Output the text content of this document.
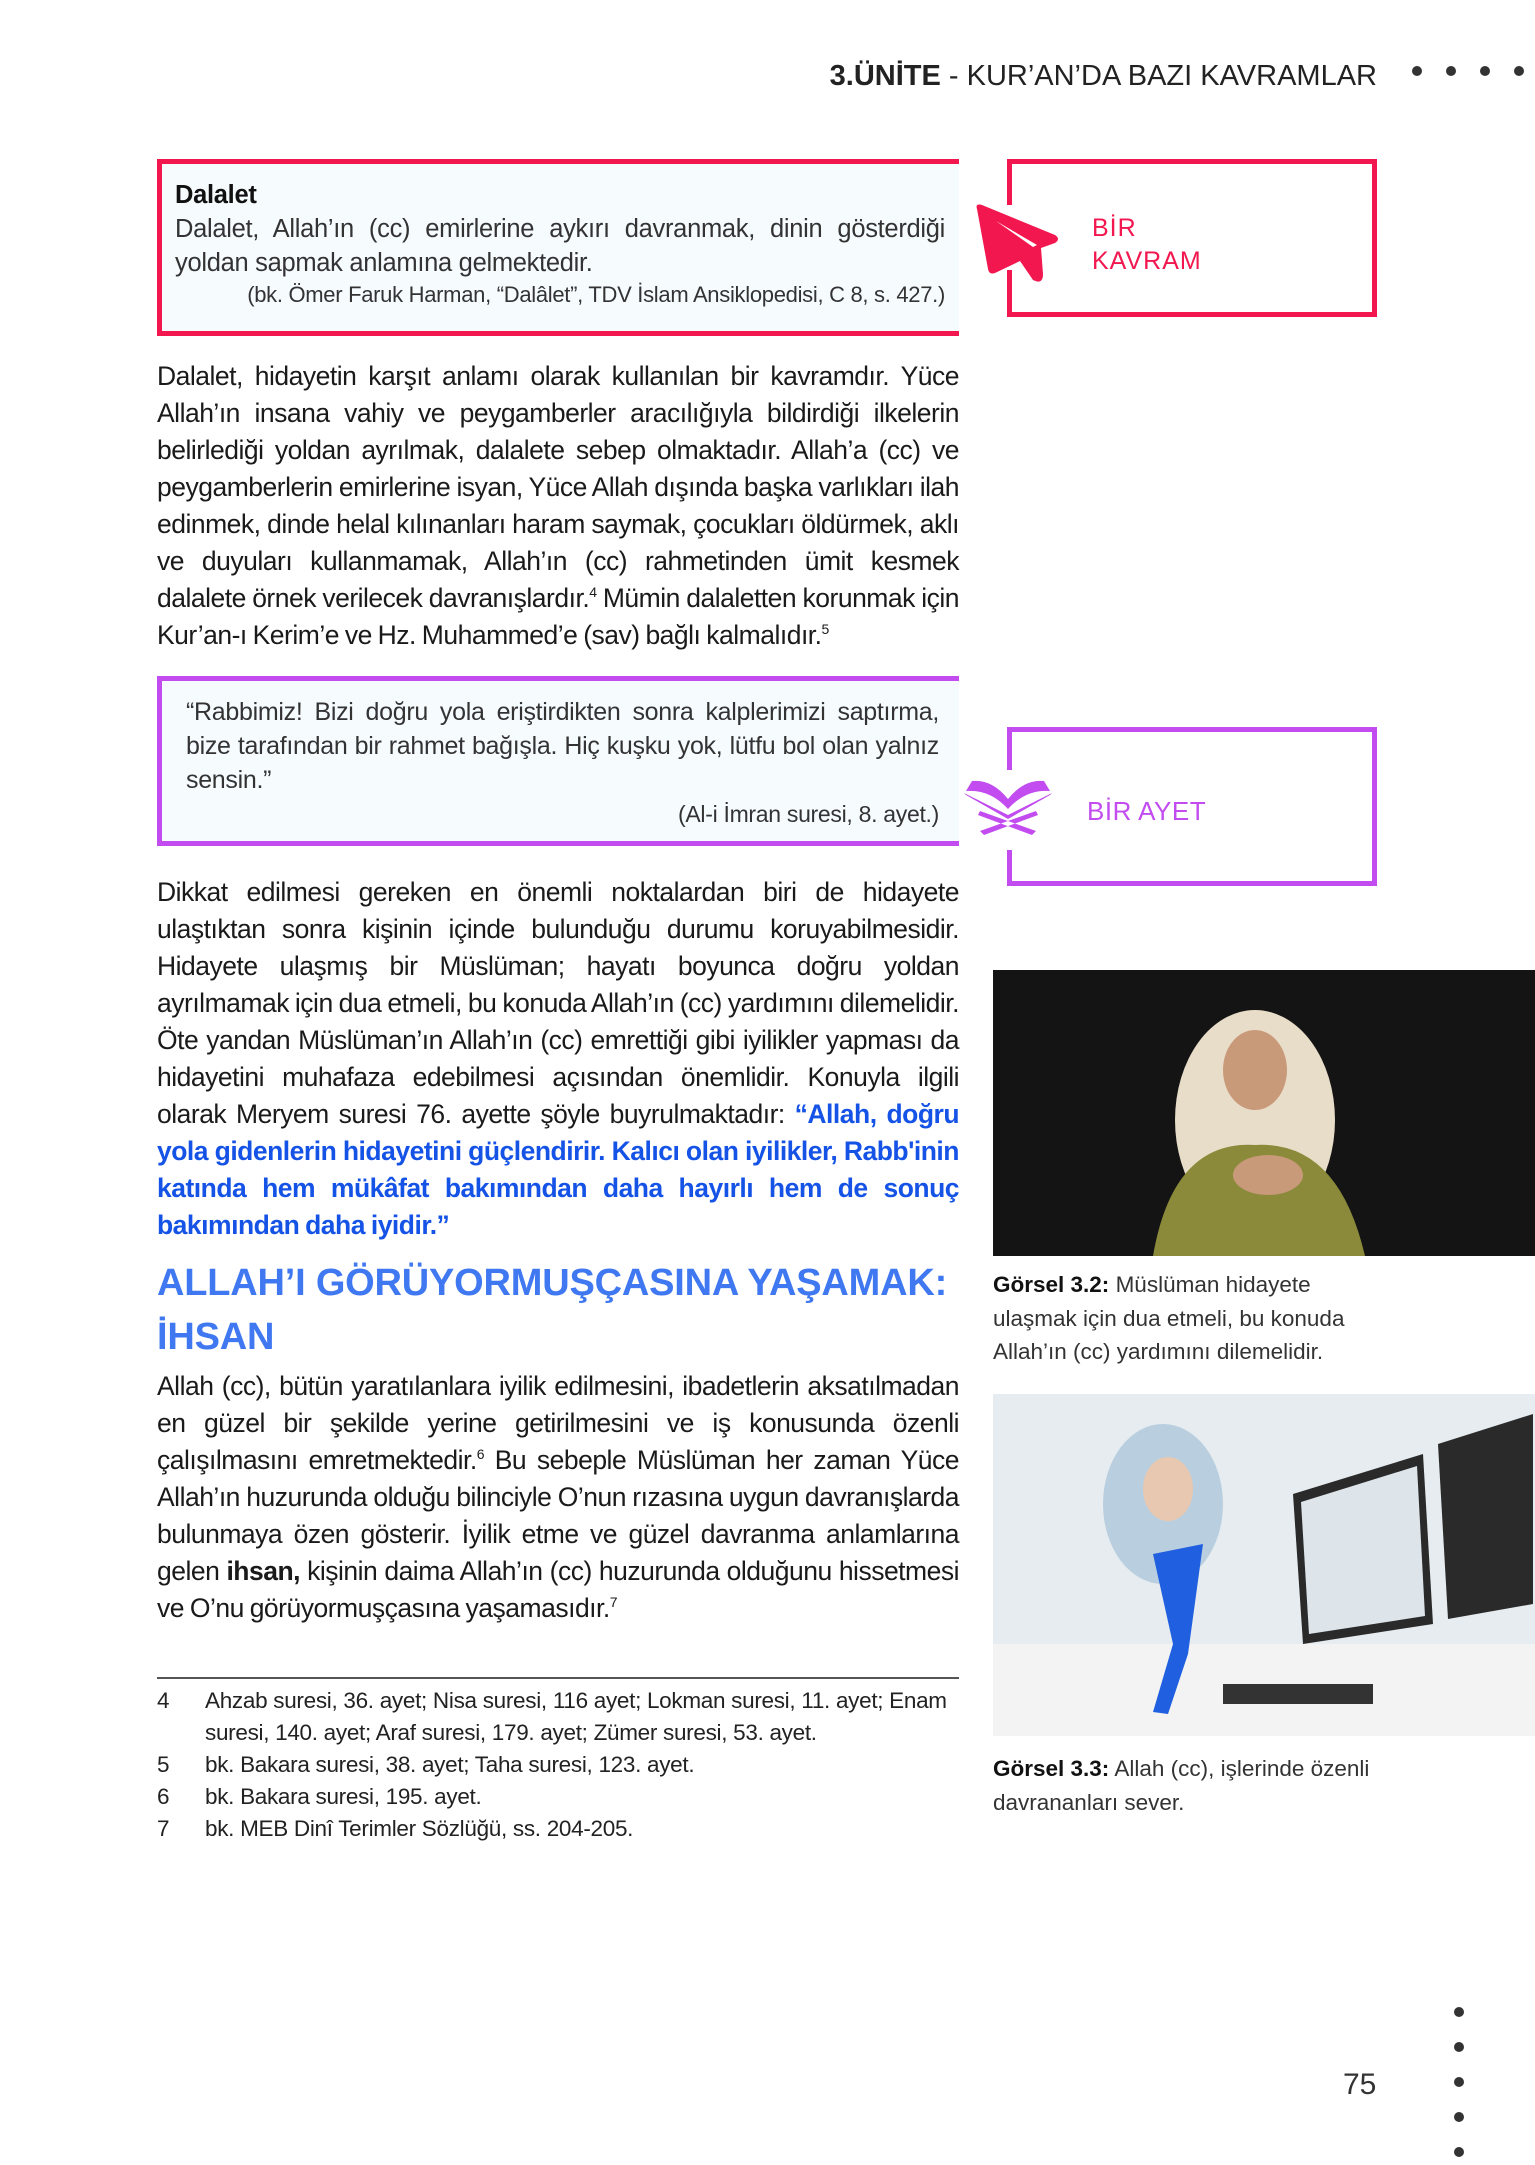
3.ÜNİTE - KUR’AN’DA BAZI KAVRAMLAR
Dalalet
Dalalet, Allah’ın (cc) emirlerine aykırı davranmak, dinin gösterdiği yoldan sapmak anlamına gelmektedir.
(bk. Ömer Faruk Harman, “Dalâlet”, TDV İslam Ansiklopedisi, C 8, s. 427.)
Dalalet, hidayetin karşıt anlamı olarak kullanılan bir kavramdır. Yüce Allah’ın insana vahiy ve peygamberler aracılığıyla bildirdiği ilkelerin belirlediği yoldan ayrılmak, dalalete sebep olmaktadır. Allah’a (cc) ve peygamberlerin emirlerine isyan, Yüce Allah dışında başka varlıkları ilah edinmek, dinde helal kılınanları haram saymak, çocukları öldürmek, aklı ve duyuları kullanmamak, Allah’ın (cc) rahmetinden ümit kesmek dalalete örnek verilecek davranışlardır.$^4$ Mümin dalaletten korunmak için Kur’an-ı Kerim’e ve Hz. Muhammed’e (sav) bağlı kalmalıdır.$^5$
“Rabbimiz! Bizi doğru yola eriştirdikten sonra kalplerimizi saptırma, bize tarafından bir rahmet bağışla. Hiç kuşku yok, lütfu bol olan yalnız sensin.”
(Al-i İmran suresi, 8. ayet.)
Dikkat edilmesi gereken en önemli noktalardan biri de hidayete ulaştıktan sonra kişinin içinde bulunduğu durumu koruyabilmesidir. Hidayete ulaşmış bir Müslüman; hayatı boyunca doğru yoldan ayrılmamak için dua etmeli, bu konuda Allah’ın (cc) yardımını dilemelidir. Öte yandan Müslüman’ın Allah’ın (cc) emrettiği gibi iyilikler yapması da hidayetini muhafaza edebilmesi açısından önemlidir. Konuyla ilgili olarak Meryem suresi 76. ayette şöyle buyrulmaktadır: “Allah, doğru yola gidenlerin hidayetini güçlendirir. Kalıcı olan iyilikler, Rabb'inin katında hem mükâfat bakımından daha hayırlı hem de sonuç bakımından daha iyidir.”
ALLAH’I GÖRÜYORMUŞÇASINA YAŞAMAK:
İHSAN
Allah (cc), bütün yaratılanlara iyilik edilmesini, ibadetlerin aksatılmadan en güzel bir şekilde yerine getirilmesini ve iş konusunda özenli çalışılmasını emretmektedir.$^6$ Bu sebeple Müslüman her zaman Yüce Allah’ın huzurunda olduğu bilinciyle O’nun rızasına uygun davranışlarda bulunmaya özen gösterir. İyilik etme ve güzel davranma anlamlarına gelen ihsan, kişinin daima Allah’ın (cc) huzurunda olduğunu hissetmesi ve O’nu görüyormuşçasına yaşamasıdır.$^7$
4	Ahzab suresi, 36. ayet; Nisa suresi, 116 ayet; Lokman suresi, 11. ayet; Enam suresi, 140. ayet; Araf suresi, 179. ayet; Zümer suresi, 53. ayet.
5	bk. Bakara suresi, 38. ayet; Taha suresi, 123. ayet.
6	bk. Bakara suresi, 195. ayet.
7	bk. MEB Dinî Terimler Sözlüğü, ss. 204-205.
BİR
KAVRAM
BİR AYET
Görsel 3.2: Müslüman hidayete ulaşmak için dua etmeli, bu konuda Allah’ın (cc) yardımını dilemelidir.
Görsel 3.3: Allah (cc), işlerinde özenli davrananları sever.
75
